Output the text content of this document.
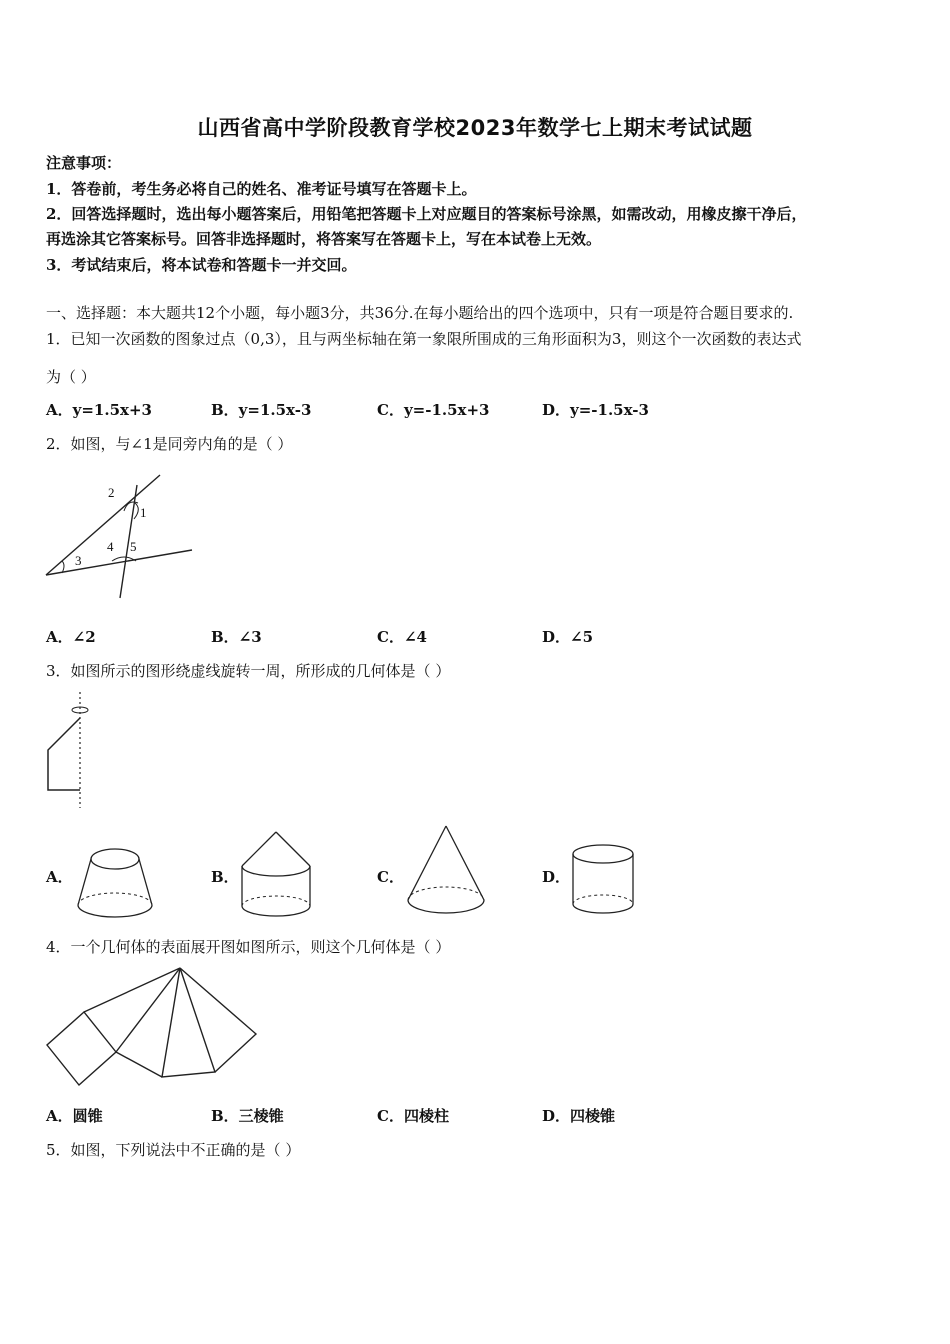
山西省高中学阶段教育学校2023年数学七上期末考试试题
注意事项：
1．答卷前，考生务必将自己的姓名、准考证号填写在答题卡上。
2．回答选择题时，选出每小题答案后，用铅笔把答题卡上对应题目的答案标号涂黑，如需改动，用橡皮擦干净后，
再选涂其它答案标号。回答非选择题时，将答案写在答题卡上，写在本试卷上无效。
3．考试结束后，将本试卷和答题卡一并交回。
一、选择题：本大题共12个小题，每小题3分，共36分.在每小题给出的四个选项中，只有一项是符合题目要求的.
1．已知一次函数的图象过点（0,3），且与两坐标轴在第一象限所围成的三角形面积为3，则这个一次函数的表达式
为（ ）
A．y=1.5x+3	B．y=1.5x-3	C．y=-1.5x+3	D．y=-1.5x-3
2．如图，与∠1是同旁内角的是（ ）
2
1
3
4 5
A．∠2	B．∠3	C．∠4	D．∠5
3．如图所示的图形绕虚线旋转一周，所形成的几何体是（ ）
A．	B．	C．	D．
4．一个几何体的表面展开图如图所示，则这个几何体是（ ）
A．圆锥	B．三棱锥	C．四棱柱	D．四棱锥
5．如图，下列说法中不正确的是（ ）
